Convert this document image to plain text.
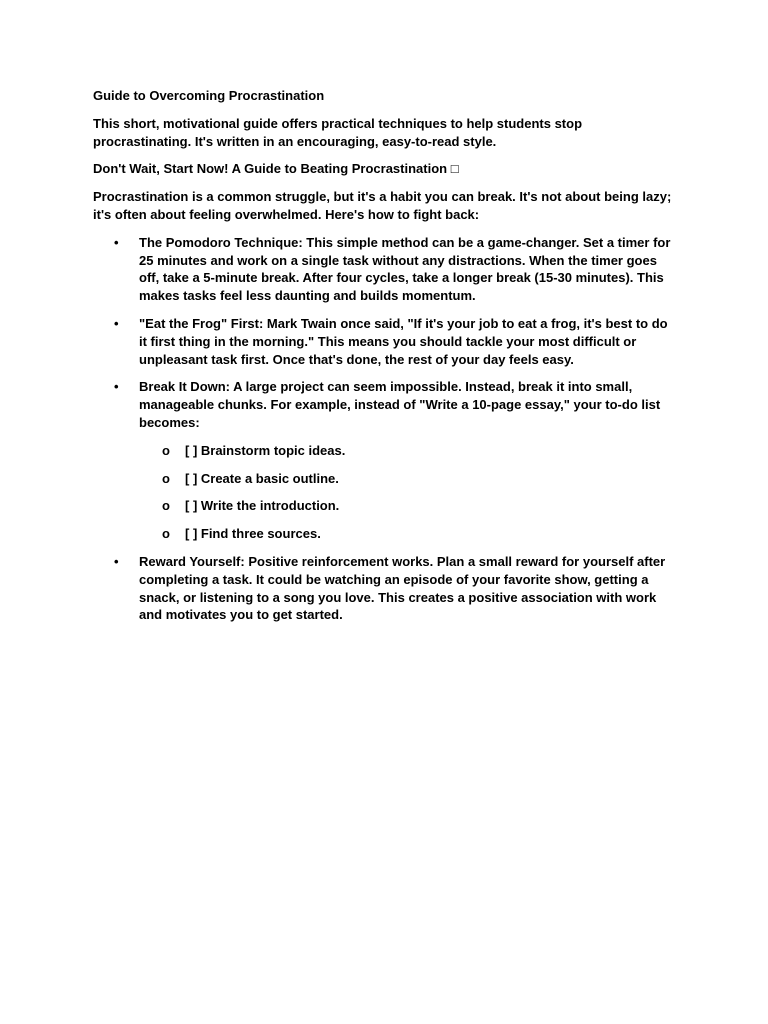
Guide to Overcoming Procrastination

This short, motivational guide offers practical techniques to help students stop procrastinating. It's written in an encouraging, easy-to-read style.

Don't Wait, Start Now! A Guide to Beating Procrastination □

Procrastination is a common struggle, but it's a habit you can break. It's not about being lazy; it's often about feeling overwhelmed. Here's how to fight back:

• The Pomodoro Technique: This simple method can be a game-changer. Set a timer for 25 minutes and work on a single task without any distractions. When the timer goes off, take a 5-minute break. After four cycles, take a longer break (15-30 minutes). This makes tasks feel less daunting and builds momentum.
• "Eat the Frog" First: Mark Twain once said, "If it's your job to eat a frog, it's best to do it first thing in the morning." This means you should tackle your most difficult or unpleasant task first. Once that's done, the rest of your day feels easy.
• Break It Down: A large project can seem impossible. Instead, break it into small, manageable chunks. For example, instead of "Write a 10-page essay," your to-do list becomes:
o [ ] Brainstorm topic ideas.
o [ ] Create a basic outline.
o [ ] Write the introduction.
o [ ] Find three sources.
• Reward Yourself: Positive reinforcement works. Plan a small reward for yourself after completing a task. It could be watching an episode of your favorite show, getting a snack, or listening to a song you love. This creates a positive association with work and motivates you to get started.
